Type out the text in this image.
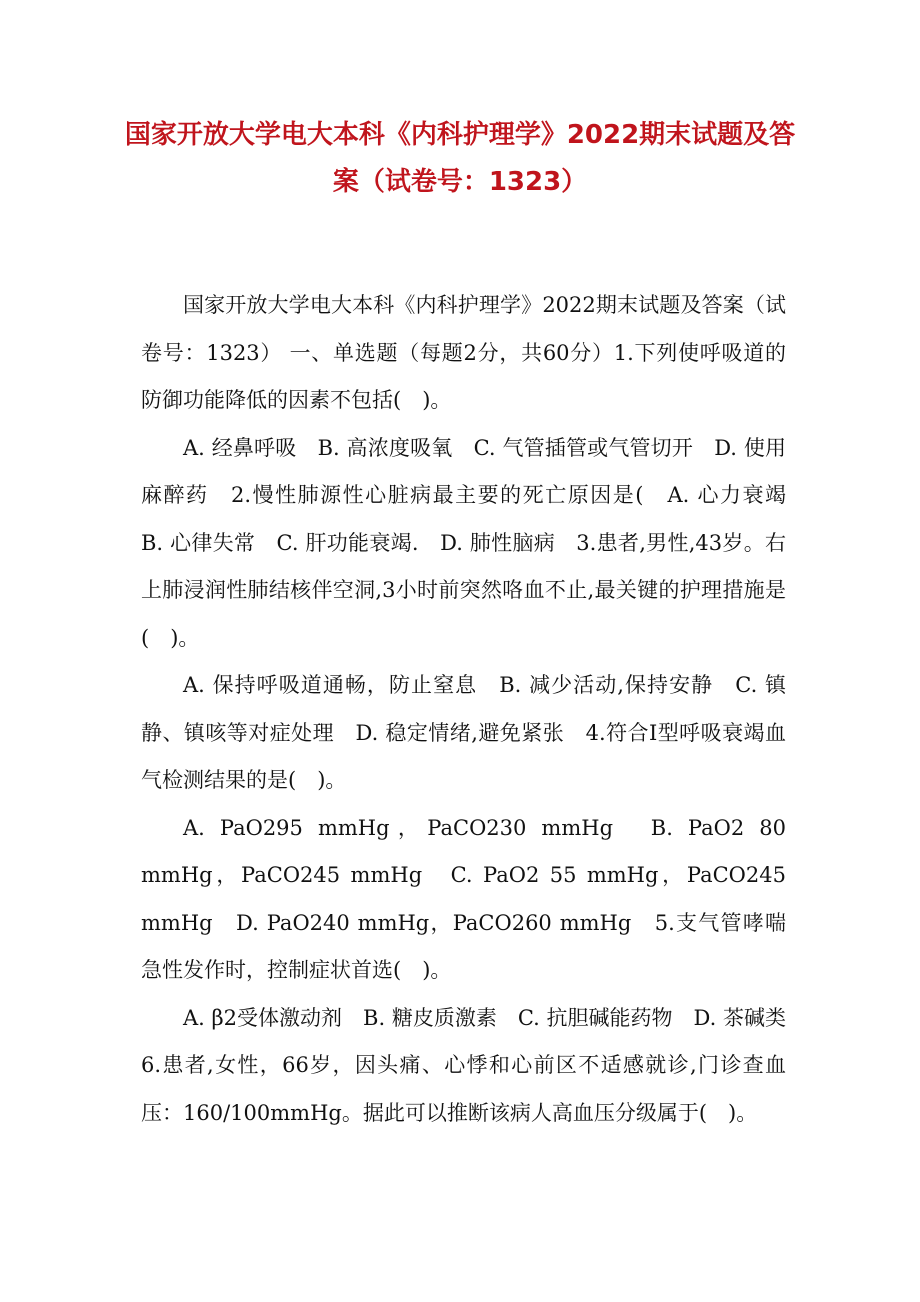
国家开放大学电大本科《内科护理学》2022期末试题及答案（试卷号：1323）

国家开放大学电大本科《内科护理学》2022期末试题及答案（试卷号：1323） 一、单选题（每题2分，共60分）1.下列使呼吸道的防御功能降低的因素不包括(　)。

A. 经鼻呼吸　B. 高浓度吸氧　C. 气管插管或气管切开　D. 使用麻醉药　2.慢性肺源性心脏病最主要的死亡原因是(　A. 心力衰竭　B. 心律失常　C. 肝功能衰竭.　D. 肺性脑病　3.患者,男性,43岁。右上肺浸润性肺结核伴空洞,3小时前突然咯血不止,最关键的护理措施是(　)。

A. 保持呼吸道通畅，防止窒息　B. 减少活动,保持安静　C. 镇静、镇咳等对症处理　D. 稳定情绪,避免紧张　4.符合Ⅰ型呼吸衰竭血气检测结果的是(　)。

A. PaO295 mmHg，PaCO230 mmHg　B. PaO2 80 mmHg，PaCO245 mmHg　C. PaO2 55 mmHg，PaCO245 mmHg　D. PaO240 mmHg，PaCO260 mmHg　5.支气管哮喘急性发作时，控制症状首选(　)。

A. β2受体激动剂　B. 糖皮质激素　C. 抗胆碱能药物　D. 茶碱类　6.患者,女性，66岁，因头痛、心悸和心前区不适感就诊,门诊查血压：160/100mmHg。据此可以推断该病人高血压分级属于(　)。
